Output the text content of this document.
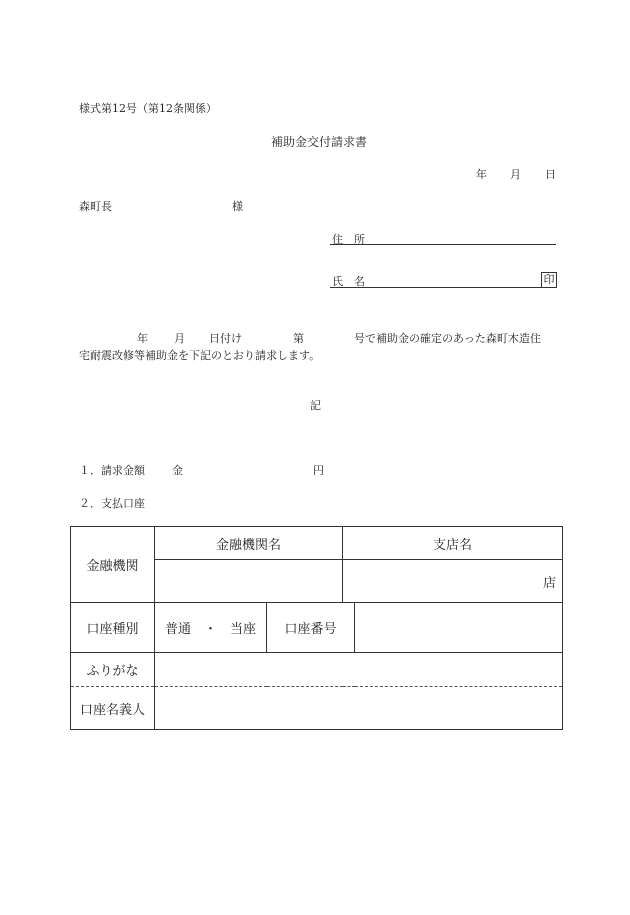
様式第12号（第12条関係）
補助金交付請求書
年 月 日
森町長	様
住　所
氏　名	印
年 月 日付け	第	号で補助金の確定のあった森町木造住
宅耐震改修等補助金を下記のとおり請求します。
記
１．請求金額 金	円
２．支払口座
金融機関	金融機関名		支店名	
			店	
口座種別	普通　・　当座	口座番号		

ふりがな				
口座名義人				
